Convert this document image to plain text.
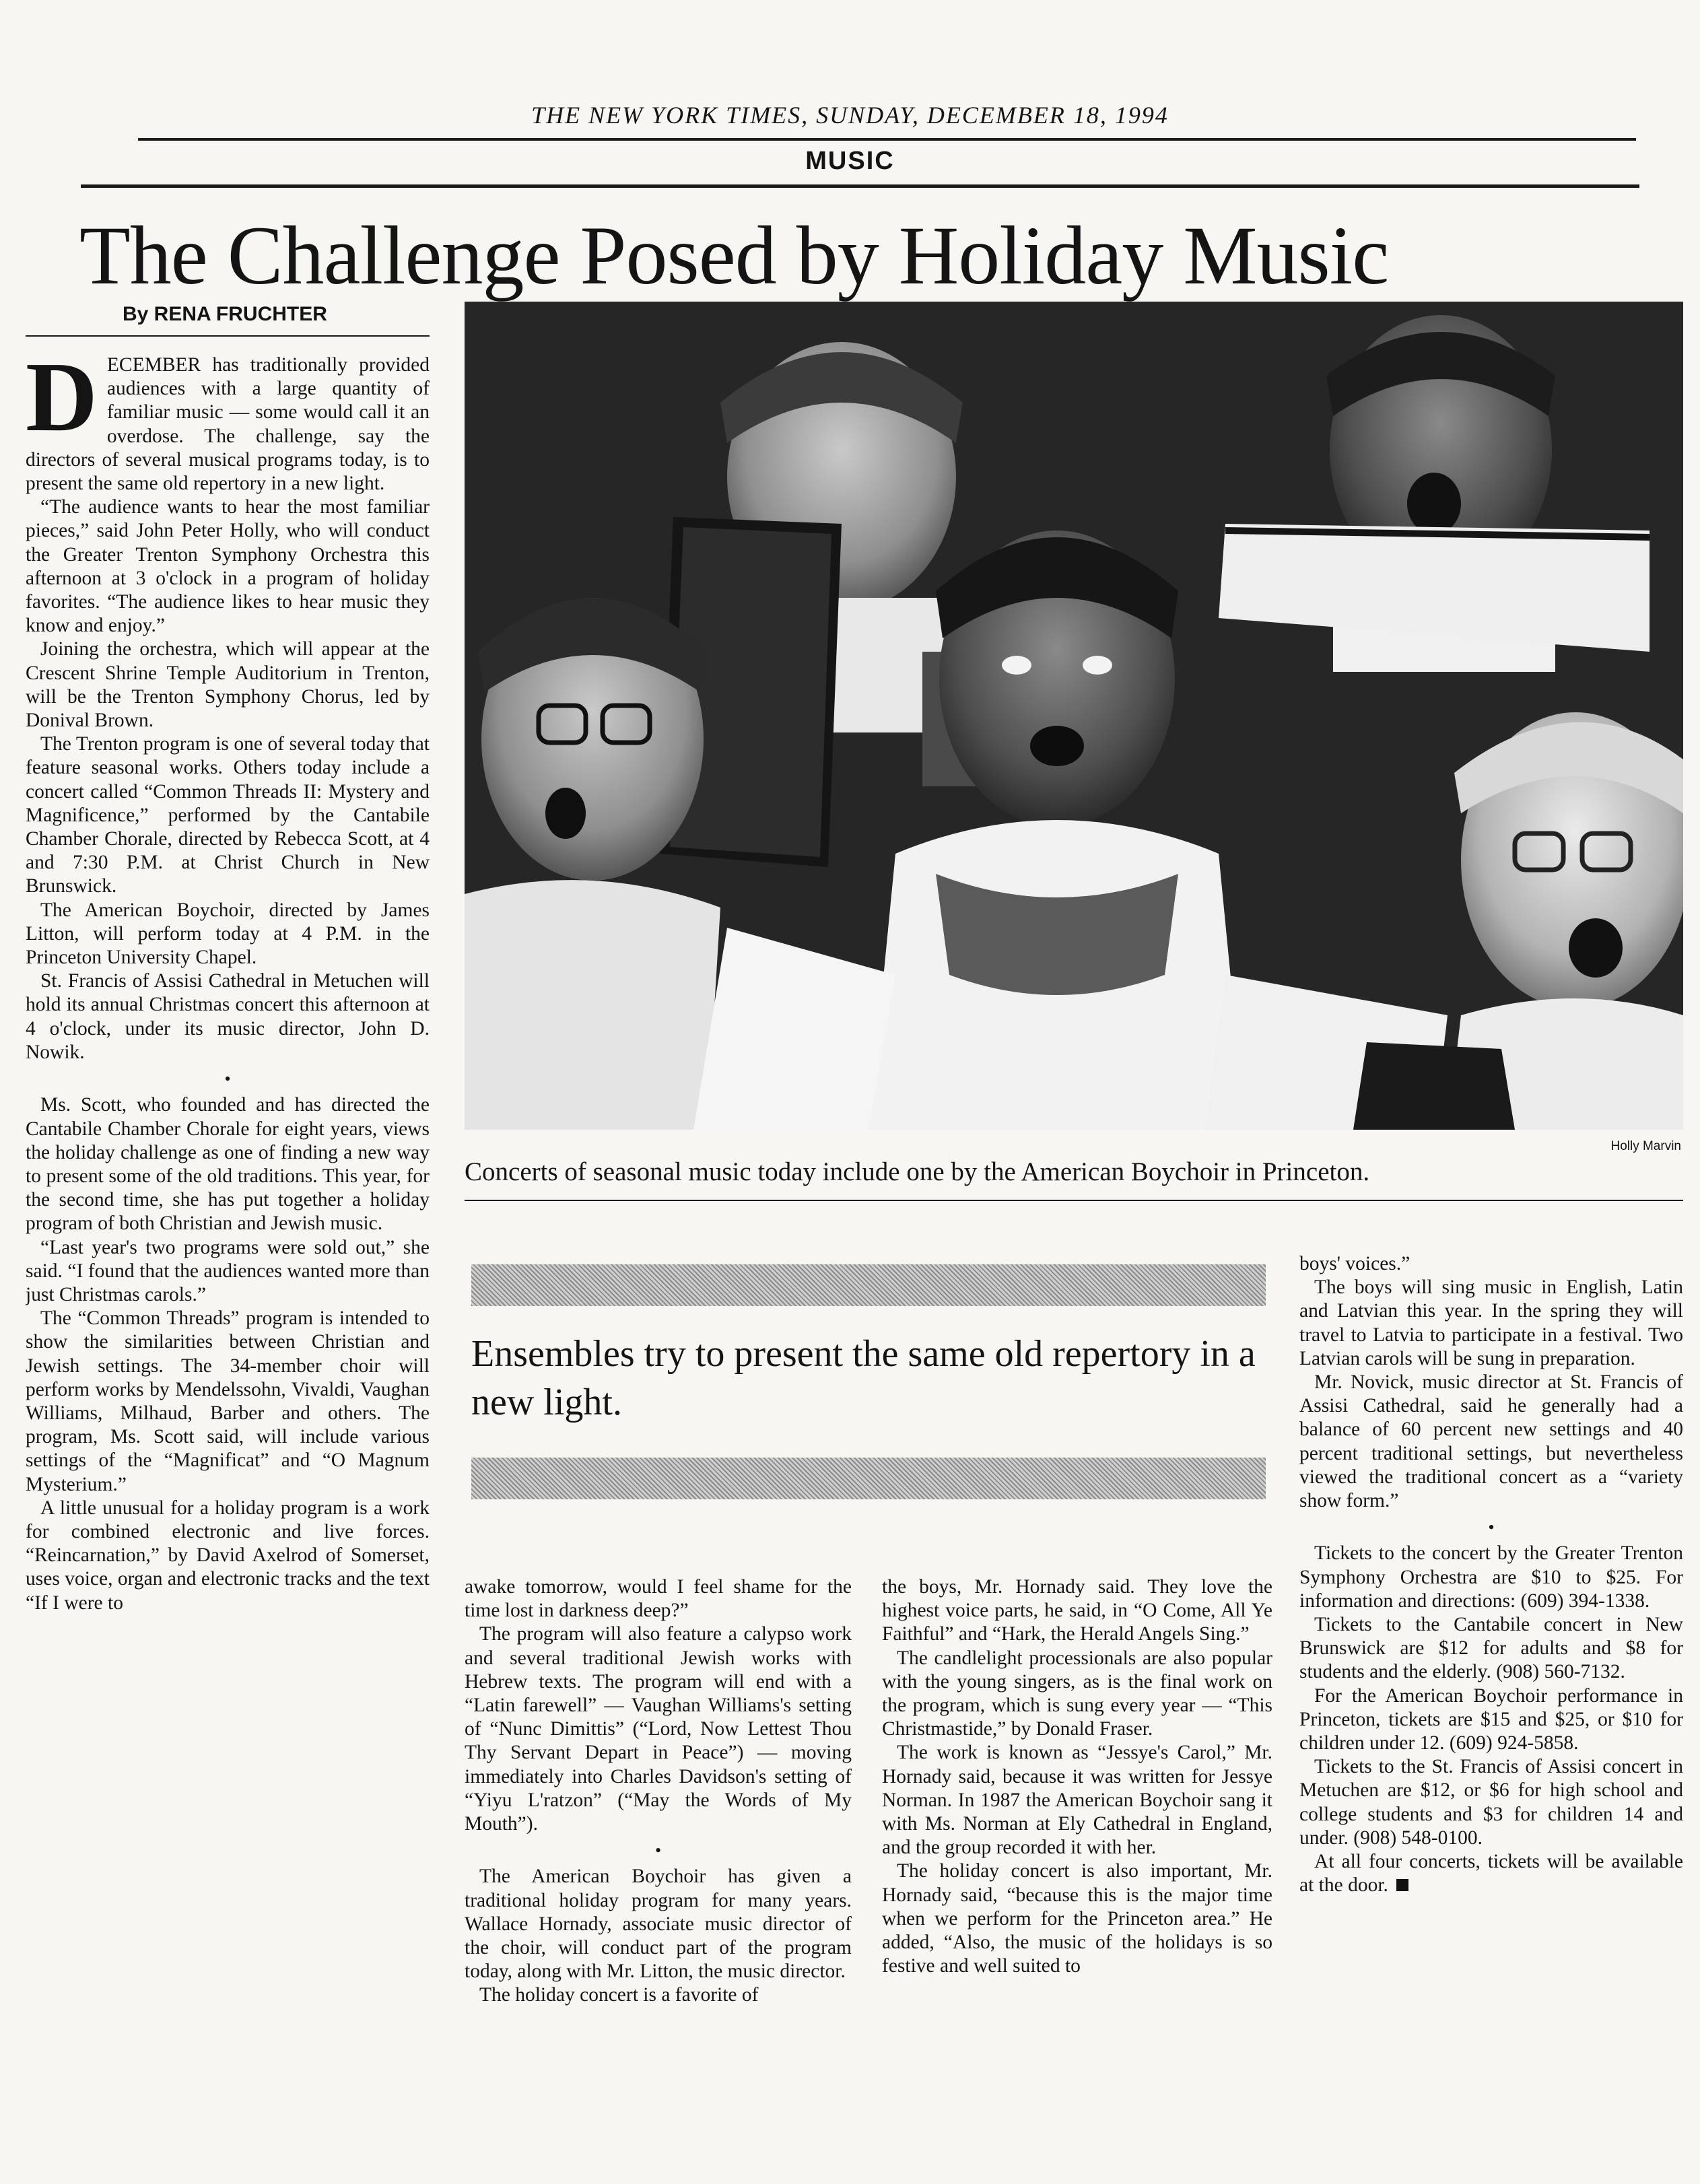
THE NEW YORK TIMES, SUNDAY, DECEMBER 18, 1994
MUSIC
The Challenge Posed by Holiday Music
By RENA FRUCHTER
Holly Marvin
Concerts of seasonal music today include one by the American Boychoir in Princeton.

DECEMBER has traditionally provided audiences with a large quantity of familiar music — some would call it an overdose. The challenge, say the directors of several musical programs today, is to present the same old repertory in a new light.

“The audience wants to hear the most familiar pieces,” said John Peter Holly, who will conduct the Greater Trenton Symphony Orchestra this afternoon at 3 o'clock in a program of holiday favorites. “The audience likes to hear music they know and enjoy.”

Joining the orchestra, which will appear at the Crescent Shrine Temple Auditorium in Trenton, will be the Trenton Symphony Chorus, led by Donival Brown.

The Trenton program is one of several today that feature seasonal works. Others today include a concert called “Common Threads II: Mystery and Magnificence,” performed by the Cantabile Chamber Chorale, directed by Rebecca Scott, at 4 and 7:30 P.M. at Christ Church in New Brunswick.

The American Boychoir, directed by James Litton, will perform today at 4 P.M. in the Princeton University Chapel.

St. Francis of Assisi Cathedral in Metuchen will hold its annual Christmas concert this afternoon at 4 o'clock, under its music director, John D. Nowik.

•

Ms. Scott, who founded and has directed the Cantabile Chamber Chorale for eight years, views the holiday challenge as one of finding a new way to present some of the old traditions. This year, for the second time, she has put together a holiday program of both Christian and Jewish music.

“Last year's two programs were sold out,” she said. “I found that the audiences wanted more than just Christmas carols.”

The “Common Threads” program is intended to show the similarities between Christian and Jewish settings. The 34-member choir will perform works by Mendelssohn, Vivaldi, Vaughan Williams, Milhaud, Barber and others. The program, Ms. Scott said, will include various settings of the “Magnificat” and “O Magnum Mysterium.”

A little unusual for a holiday program is a work for combined electronic and live forces. “Reincarnation,” by David Axelrod of Somerset, uses voice, organ and electronic tracks and the text “If I were to

Ensembles try to present the same old repertory in a new light.

awake tomorrow, would I feel shame for the time lost in darkness deep?”

The program will also feature a calypso work and several traditional Jewish works with Hebrew texts. The program will end with a “Latin farewell” — Vaughan Williams's setting of “Nunc Dimittis” (“Lord, Now Lettest Thou Thy Servant Depart in Peace”) — moving immediately into Charles Davidson's setting of “Yiyu L'ratzon” (“May the Words of My Mouth”).

•

The American Boychoir has given a traditional holiday program for many years. Wallace Hornady, associate music director of the choir, will conduct part of the program today, along with Mr. Litton, the music director.

The holiday concert is a favorite of

the boys, Mr. Hornady said. They love the highest voice parts, he said, in “O Come, All Ye Faithful” and “Hark, the Herald Angels Sing.”

The candlelight processionals are also popular with the young singers, as is the final work on the program, which is sung every year — “This Christmastide,” by Donald Fraser.

The work is known as “Jessye's Carol,” Mr. Hornady said, because it was written for Jessye Norman. In 1987 the American Boychoir sang it with Ms. Norman at Ely Cathedral in England, and the group recorded it with her.

The holiday concert is also important, Mr. Hornady said, “because this is the major time when we perform for the Princeton area.” He added, “Also, the music of the holidays is so festive and well suited to

boys' voices.”

The boys will sing music in English, Latin and Latvian this year. In the spring they will travel to Latvia to participate in a festival. Two Latvian carols will be sung in preparation.

Mr. Novick, music director at St. Francis of Assisi Cathedral, said he generally had a balance of 60 percent new settings and 40 percent traditional settings, but nevertheless viewed the traditional concert as a “variety show form.”

•

Tickets to the concert by the Greater Trenton Symphony Orchestra are $10 to $25. For information and directions: (609) 394-1338.

Tickets to the Cantabile concert in New Brunswick are $12 for adults and $8 for students and the elderly. (908) 560-7132.

For the American Boychoir performance in Princeton, tickets are $15 and $25, or $10 for children under 12. (609) 924-5858.

Tickets to the St. Francis of Assisi concert in Metuchen are $12, or $6 for high school and college students and $3 for children 14 and under. (908) 548-0100.

At all four concerts, tickets will be available at the door.
